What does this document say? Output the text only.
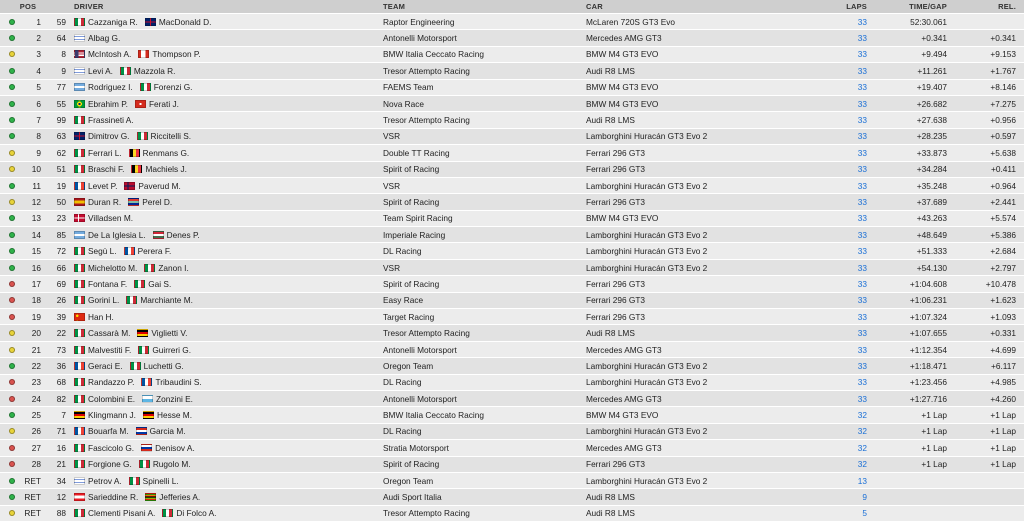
POS	DRIVER	TEAM	CAR	LAPS	TIME/GAP	REL.
1	59	Cazzaniga R.	MacDonald D.	Raptor Engineering	McLaren 720S GT3 Evo	33	52:30.061
2	64	Albag G.	Antonelli Motorsport	Mercedes AMG GT3	33	+0.341	+0.341
3	8	McIntosh A.	Thompson P.	BMW Italia Ceccato Racing	BMW M4 GT3 EVO	33	+9.494	+9.153
4	9	Levi A.	Mazzola R.	Tresor Attempto Racing	Audi R8 LMS	33	+11.261	+1.767
5	77	Rodriguez I.	Forenzi G.	FAEMS Team	BMW M4 GT3 EVO	33	+19.407	+8.146
6	55	Ebrahim P.	Ferati J.	Nova Race	BMW M4 GT3 EVO	33	+26.682	+7.275
7	99	Frassineti A.	Tresor Attempto Racing	Audi R8 LMS	33	+27.638	+0.956
8	63	Dimitrov G.	Riccitelli S.	VSR	Lamborghini Huracán GT3 Evo 2	33	+28.235	+0.597
9	62	Ferrari L.	Renmans G.	Double TT Racing	Ferrari 296 GT3	33	+33.873	+5.638
10	51	Braschi F.	Machiels J.	Spirit of Racing	Ferrari 296 GT3	33	+34.284	+0.411
11	19	Levet P.	Paverud M.	VSR	Lamborghini Huracán GT3 Evo 2	33	+35.248	+0.964
12	50	Duran R.	Perel D.	Spirit of Racing	Ferrari 296 GT3	33	+37.689	+2.441
13	23	Villadsen M.	Team Spirit Racing	BMW M4 GT3 EVO	33	+43.263	+5.574
14	85	De La Iglesia L.	Denes P.	Imperiale Racing	Lamborghini Huracán GT3 Evo 2	33	+48.649	+5.386
15	72	Segù L.	Perera F.	DL Racing	Lamborghini Huracán GT3 Evo 2	33	+51.333	+2.684
16	66	Michelotto M.	Zanon I.	VSR	Lamborghini Huracán GT3 Evo 2	33	+54.130	+2.797
17	69	Fontana F.	Gai S.	Spirit of Racing	Ferrari 296 GT3	33	+1:04.608	+10.478
18	26	Gorini L.	Marchiante M.	Easy Race	Ferrari 296 GT3	33	+1:06.231	+1.623
19	39	Han H.	Target Racing	Ferrari 296 GT3	33	+1:07.324	+1.093
20	22	Cassarà M.	Viglietti V.	Tresor Attempto Racing	Audi R8 LMS	33	+1:07.655	+0.331
21	73	Malvestiti F.	Guirreri G.	Antonelli Motorsport	Mercedes AMG GT3	33	+1:12.354	+4.699
22	36	Geraci E.	Luchetti G.	Oregon Team	Lamborghini Huracán GT3 Evo 2	33	+1:18.471	+6.117
23	68	Randazzo P.	Tribaudini S.	DL Racing	Lamborghini Huracán GT3 Evo 2	33	+1:23.456	+4.985
24	82	Colombini E.	Zonzini E.	Antonelli Motorsport	Mercedes AMG GT3	33	+1:27.716	+4.260
25	7	Klingmann J.	Hesse M.	BMW Italia Ceccato Racing	BMW M4 GT3 EVO	32	+1 Lap	+1 Lap
26	71	Bouarfa M.	Garcia M.	DL Racing	Lamborghini Huracán GT3 Evo 2	32	+1 Lap	+1 Lap
27	16	Fascicolo G.	Denisov A.	Stratia Motorsport	Mercedes AMG GT3	32	+1 Lap	+1 Lap
28	21	Forgione G.	Rugolo M.	Spirit of Racing	Ferrari 296 GT3	32	+1 Lap	+1 Lap
RET	34	Petrov A.	Spinelli L.	Oregon Team	Lamborghini Huracán GT3 Evo 2	13
RET	12	Sarieddine R.	Jefferies A.	Audi Sport Italia	Audi R8 LMS	9
RET	88	Clementi Pisani A.	Di Folco A.	Tresor Attempto Racing	Audi R8 LMS	5
